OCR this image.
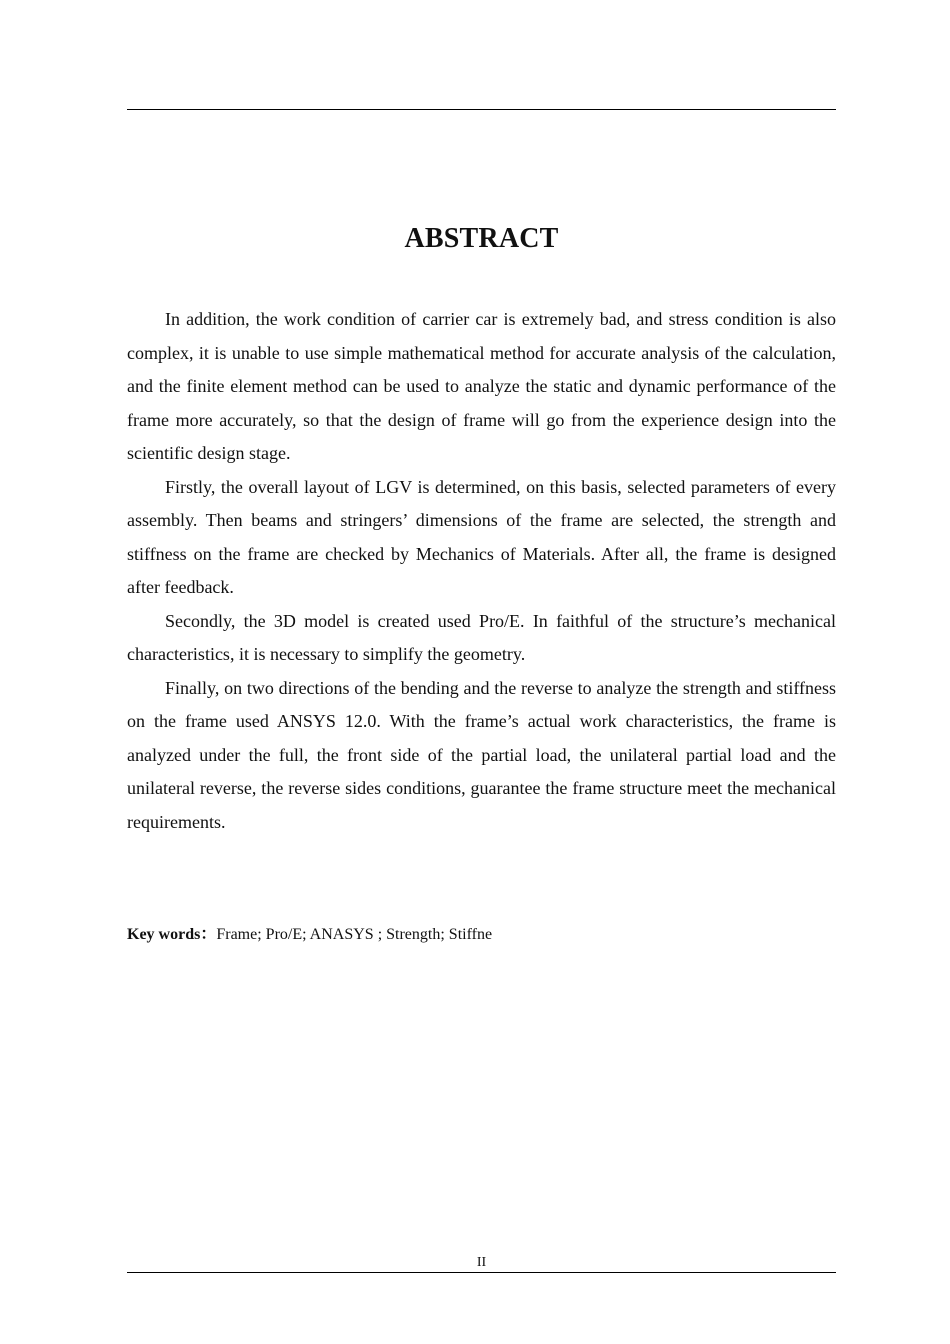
ABSTRACT

In addition, the work condition of carrier car is extremely bad, and stress condition is also complex, it is unable to use simple mathematical method for accurate analysis of the calculation, and the finite element method can be used to analyze the static and dynamic performance of the frame more accurately, so that the design of frame will go from the experience design into the scientific design stage.

Firstly, the overall layout of LGV is determined, on this basis, selected parameters of every assembly. Then beams and stringers’ dimensions of the frame are selected, the strength and stiffness on the frame are checked by Mechanics of Materials. After all, the frame is designed after feedback.

Secondly, the 3D model is created used Pro/E. In faithful of the structure’s mechanical characteristics, it is necessary to simplify the geometry.

Finally, on two directions of the bending and the reverse to analyze the strength and stiffness on the frame used ANSYS 12.0. With the frame’s actual work characteristics, the frame is analyzed under the full, the front side of the partial load, the unilateral partial load and the unilateral reverse, the reverse sides conditions, guarantee the frame structure meet the mechanical requirements.

Key words：Frame; Pro/E; ANASYS ; Strength; Stiffne
II
